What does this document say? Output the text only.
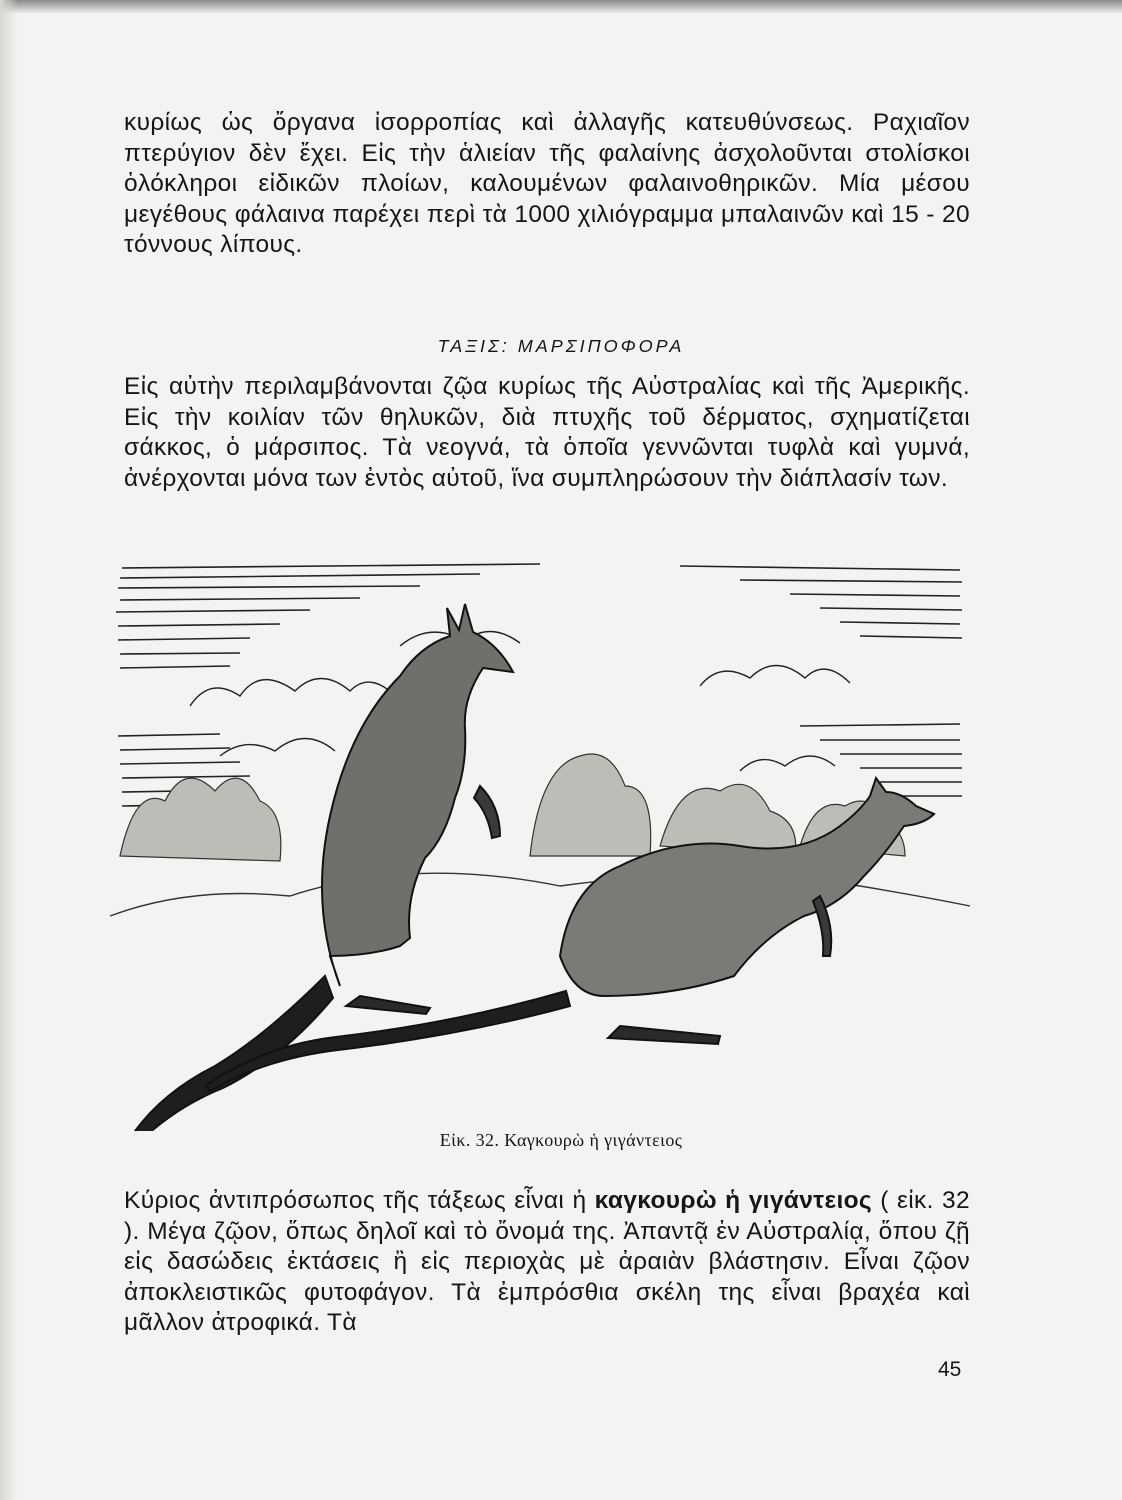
κυρίως ὡς ὄργανα ἰσορροπίας καὶ ἀλλαγῆς κατευθύνσεως. Ραχιαῖον πτερύγιον δὲν ἔχει. Εἰς τὴν ἁλιείαν τῆς φαλαίνης ἀσχολοῦνται στολίσκοι ὁλόκληροι εἰδικῶν πλοίων, καλουμένων φαλαινοθηρικῶν. Μία μέσου μεγέθους φάλαινα παρέχει περὶ τὰ 1000 χιλιόγραμμα μπαλαινῶν καὶ 15 - 20 τόννους λίπους.

ΤΑΞΙΣ: ΜΑΡΣΙΠΟΦΟΡΑ

Εἰς αὐτὴν περιλαμβάνονται ζῷα κυρίως τῆς Αὐστραλίας καὶ τῆς Ἀμερικῆς. Εἰς τὴν κοιλίαν τῶν θηλυκῶν, διὰ πτυχῆς τοῦ δέρματος, σχηματίζεται σάκκος, ὁ μάρσιπος. Τὰ νεογνά, τὰ ὁποῖα γεννῶνται τυφλὰ καὶ γυμνά, ἀνέρχονται μόνα των ἐντὸς αὐτοῦ, ἵνα συμπληρώσουν τὴν διάπλασίν των.

Εἰκ. 32. Καγκουρὼ ἡ γιγάντειος

Κύριος ἀντιπρόσωπος τῆς τάξεως εἶναι ἡ καγκουρὼ ἡ γιγάντειος ( εἰκ. 32 ). Μέγα ζῷον, ὅπως δηλοῖ καὶ τὸ ὄνομά της. Ἀπαντᾷ ἐν Αὐστραλίᾳ, ὅπου ζῇ εἰς δασώδεις ἐκτάσεις ἢ εἰς περιοχὰς μὲ ἀραιὰν βλάστησιν. Εἶναι ζῷον ἀποκλειστικῶς φυτοφάγον. Τὰ ἐμπρόσθια σκέλη της εἶναι βραχέα καὶ μᾶλλον ἀτροφικά. Τὰ

45
